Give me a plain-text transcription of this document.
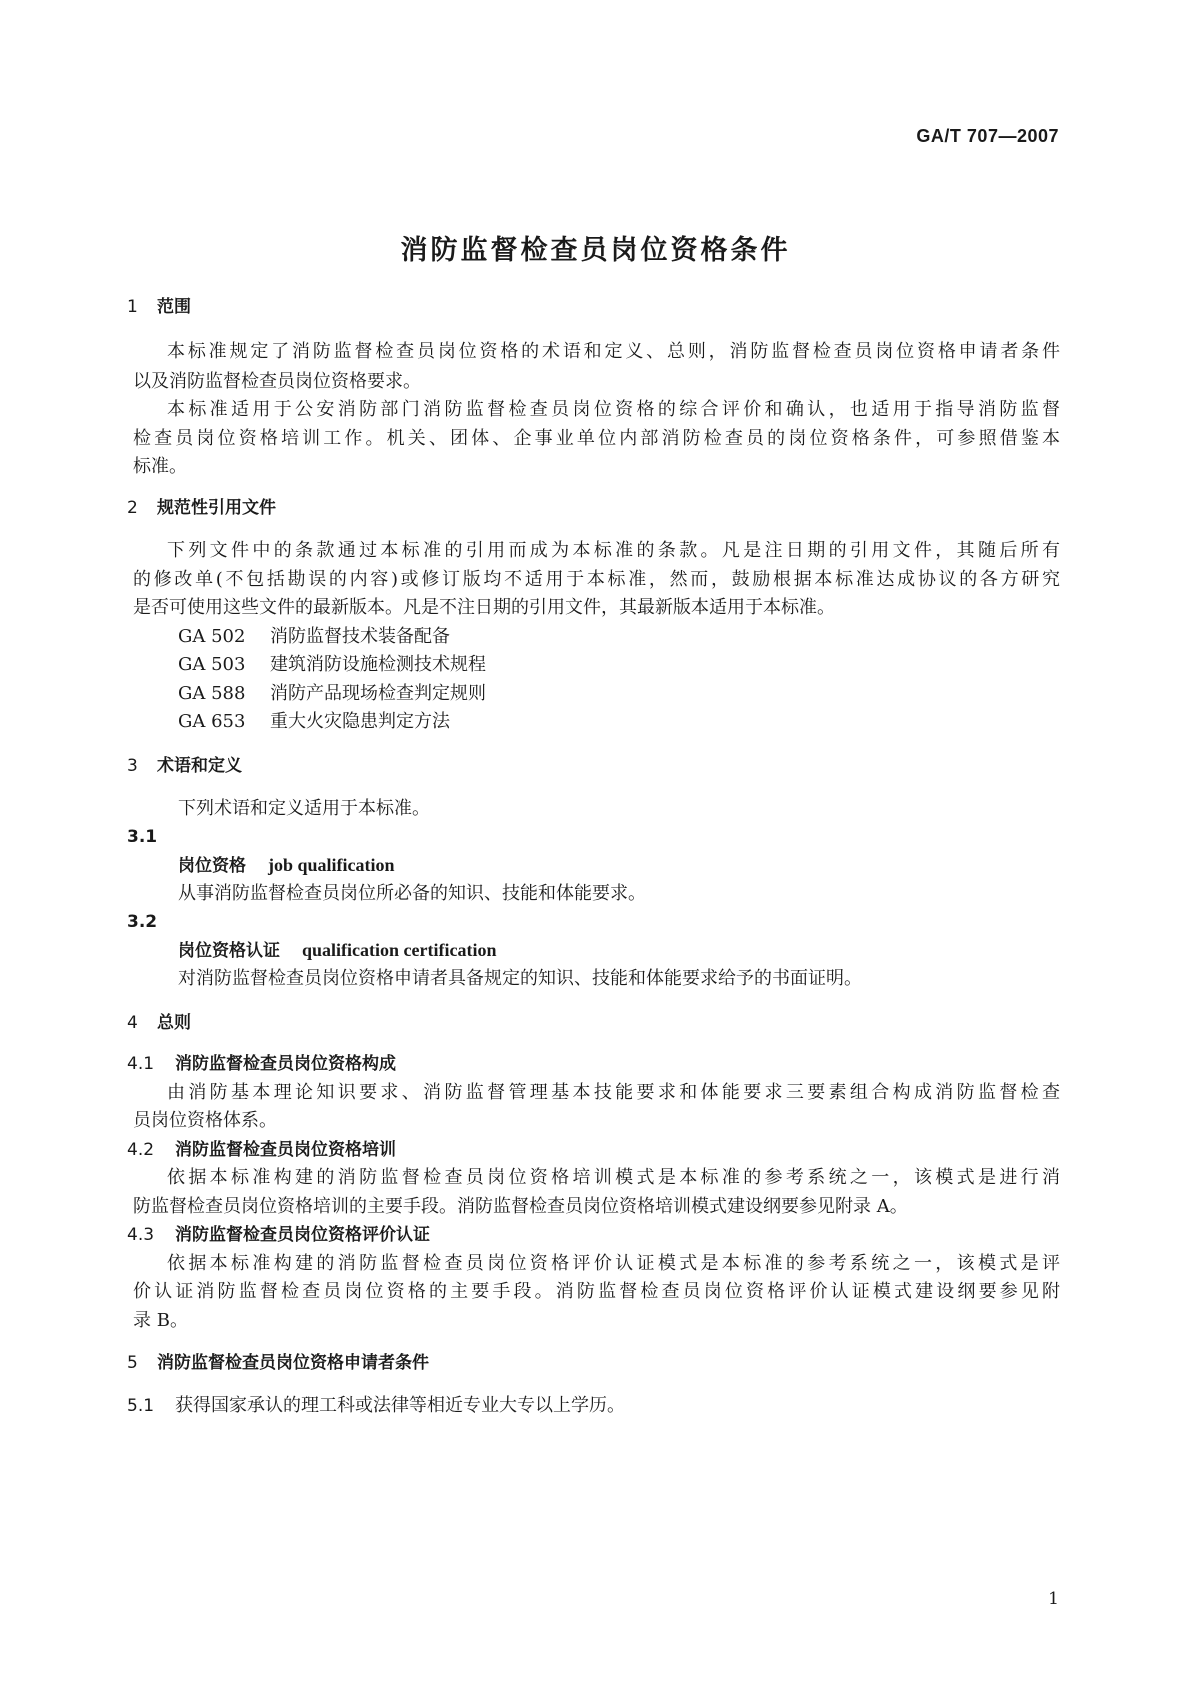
GA/T 707—2007
消防监督检查员岗位资格条件
1 范围
本标准规定了消防监督检查员岗位资格的术语和定义、总则，消防监督检查员岗位资格申请者条件
以及消防监督检查员岗位资格要求。
本标准适用于公安消防部门消防监督检查员岗位资格的综合评价和确认，也适用于指导消防监督
检查员岗位资格培训工作。机关、团体、企事业单位内部消防检查员的岗位资格条件，可参照借鉴本
标准。
2 规范性引用文件
下列文件中的条款通过本标准的引用而成为本标准的条款。凡是注日期的引用文件，其随后所有
的修改单(不包括勘误的内容)或修订版均不适用于本标准，然而，鼓励根据本标准达成协议的各方研究
是否可使用这些文件的最新版本。凡是不注日期的引用文件，其最新版本适用于本标准。
GA 502 消防监督技术装备配备
GA 503 建筑消防设施检测技术规程
GA 588 消防产品现场检查判定规则
GA 653 重大火灾隐患判定方法
3 术语和定义
下列术语和定义适用于本标准。
3.1
岗位资格 job qualification
从事消防监督检查员岗位所必备的知识、技能和体能要求。
3.2
岗位资格认证 qualification certification
对消防监督检查员岗位资格申请者具备规定的知识、技能和体能要求给予的书面证明。
4 总则
4.1 消防监督检查员岗位资格构成
由消防基本理论知识要求、消防监督管理基本技能要求和体能要求三要素组合构成消防监督检查
员岗位资格体系。
4.2 消防监督检查员岗位资格培训
依据本标准构建的消防监督检查员岗位资格培训模式是本标准的参考系统之一，该模式是进行消
防监督检查员岗位资格培训的主要手段。消防监督检查员岗位资格培训模式建设纲要参见附录 A。
4.3 消防监督检查员岗位资格评价认证
依据本标准构建的消防监督检查员岗位资格评价认证模式是本标准的参考系统之一，该模式是评
价认证消防监督检查员岗位资格的主要手段。消防监督检查员岗位资格评价认证模式建设纲要参见附
录 B。
5 消防监督检查员岗位资格申请者条件
5.1 获得国家承认的理工科或法律等相近专业大专以上学历。
1
